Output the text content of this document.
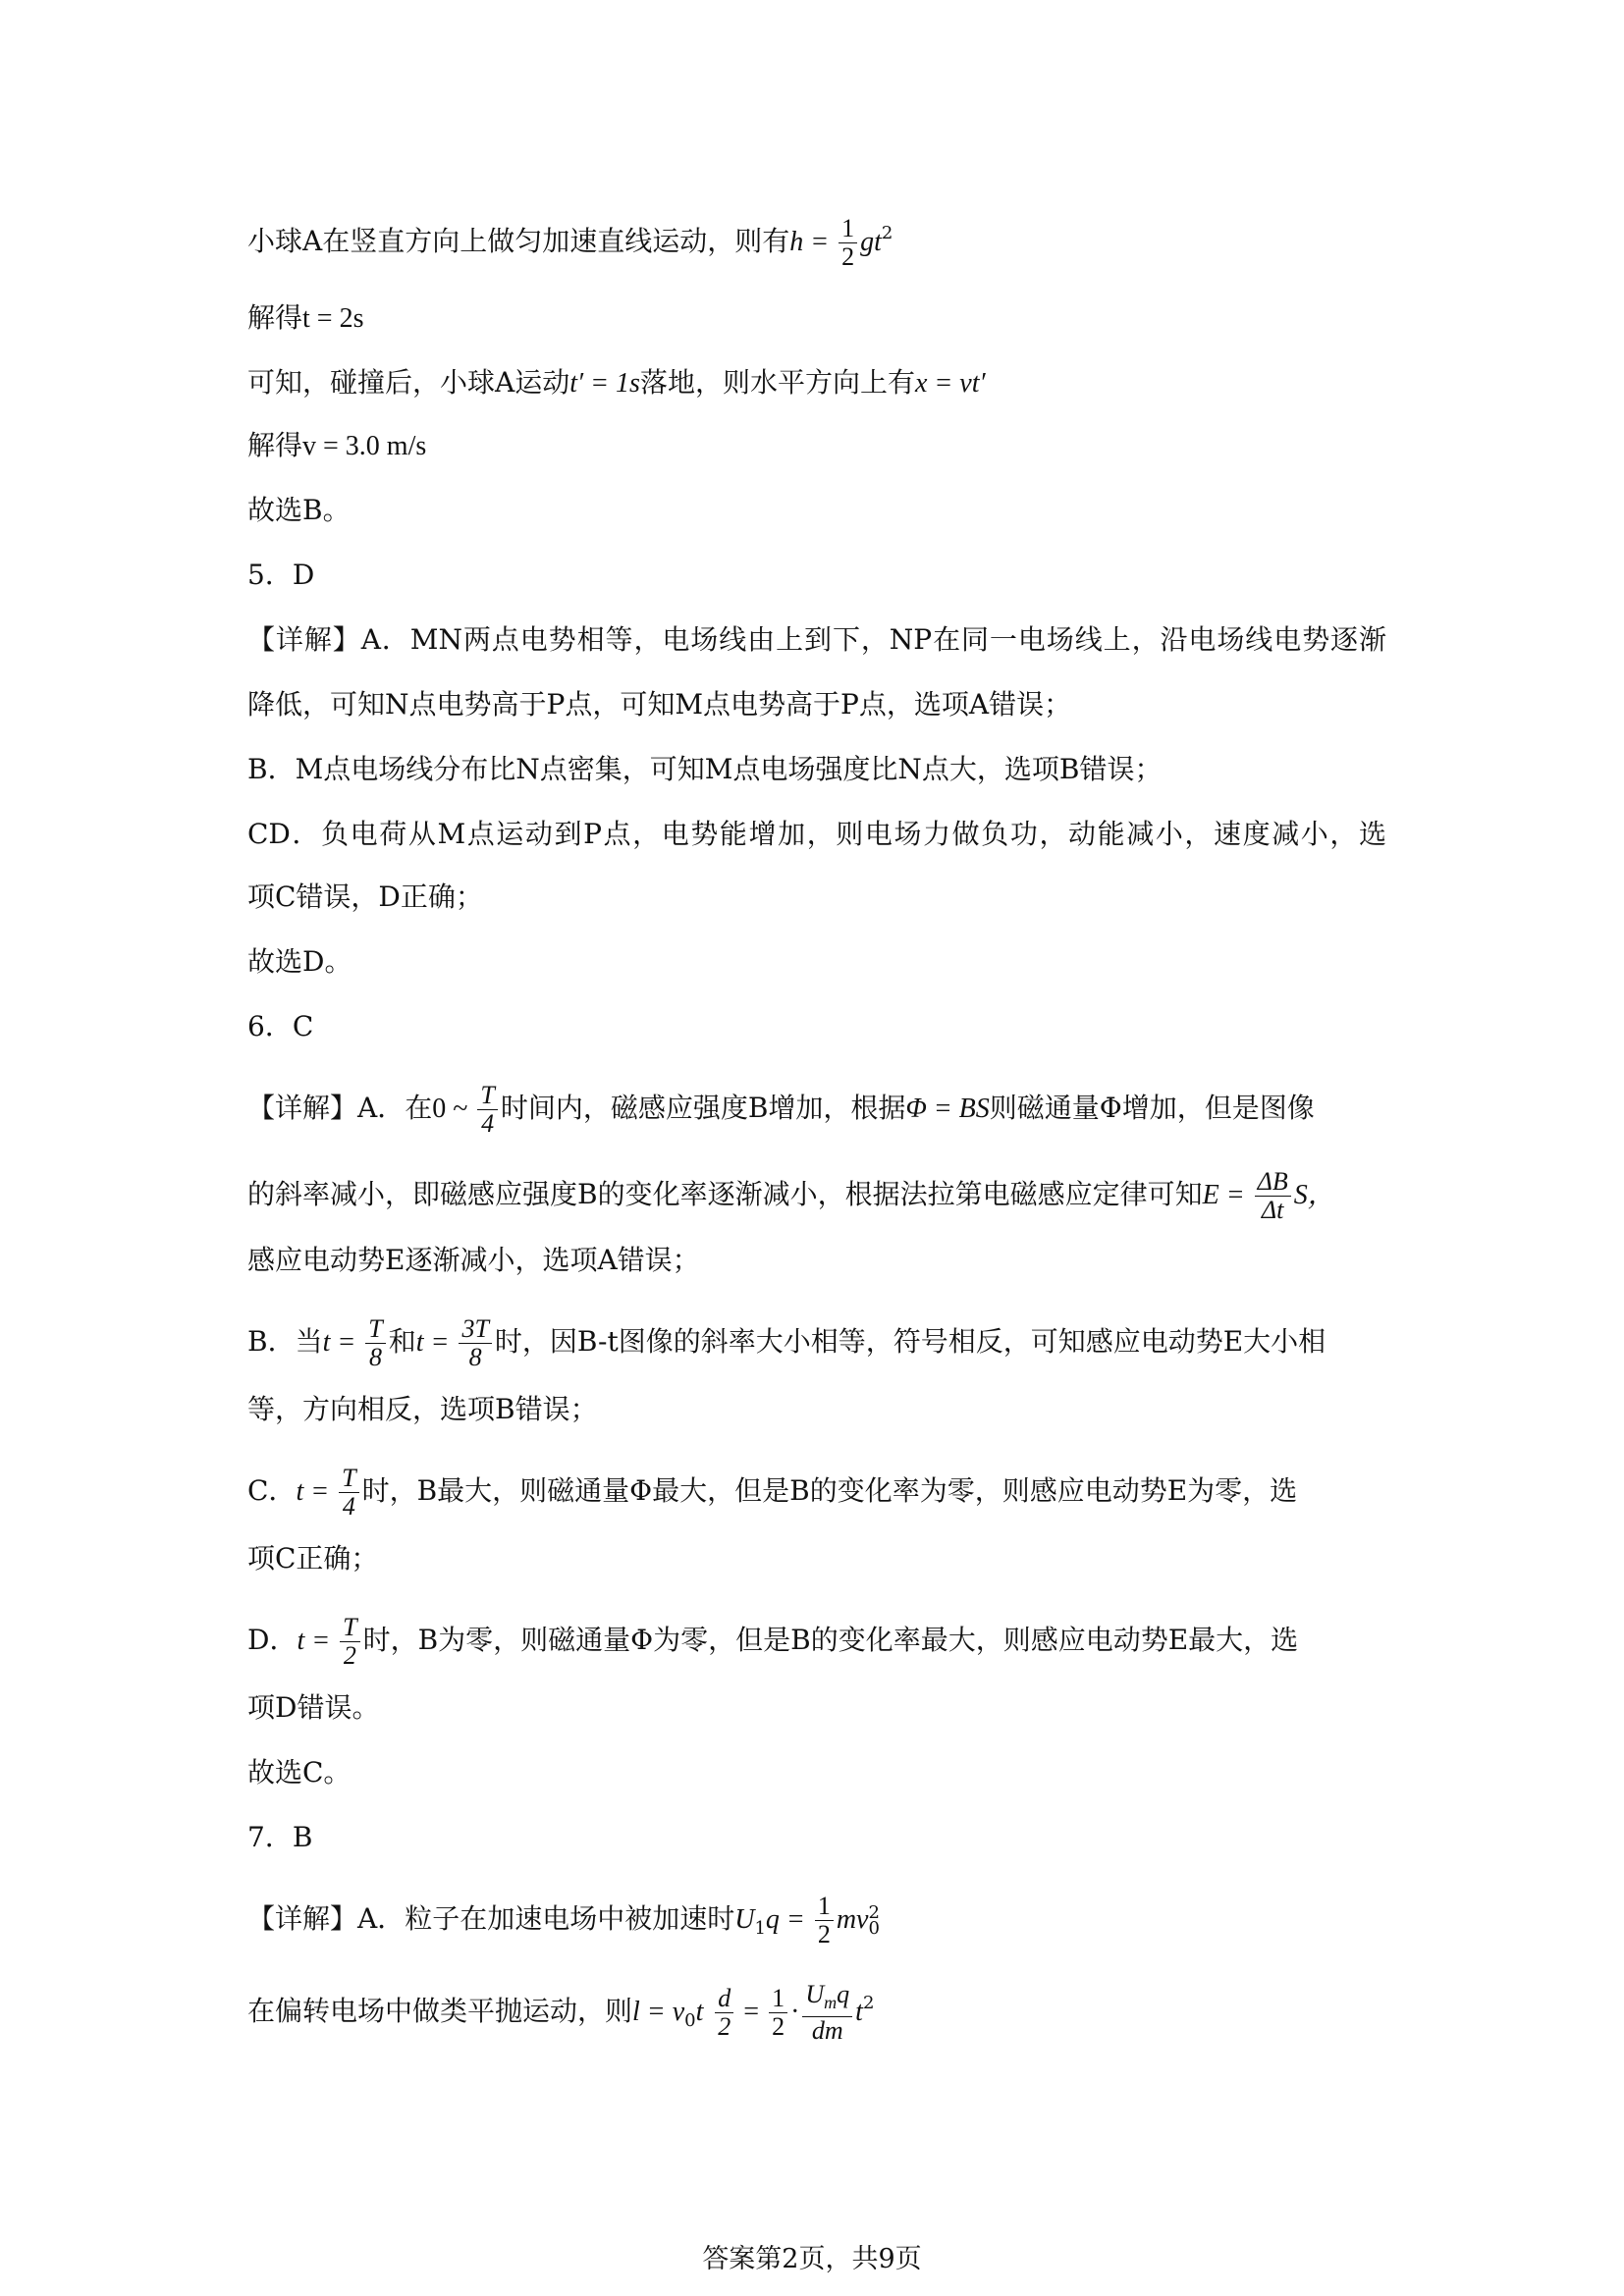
小球A在竖直方向上做匀加速直线运动，则有$h = \frac{1}{2} gt^2$
解得t = 2s
可知，碰撞后，小球A运动t′ = 1s落地，则水平方向上有x = vt′
解得v = 3.0 m/s
故选B。
5．D
【详解】A．MN两点电势相等，电场线由上到下，NP在同一电场线上，沿电场线电势逐渐
降低，可知N点电势高于P点，可知M点电势高于P点，选项A错误；
B．M点电场线分布比N点密集，可知M点电场强度比N点大，选项B错误；
CD．负电荷从M点运动到P点，电势能增加，则电场力做负功，动能减小，速度减小，选
项C错误，D正确；
故选D。
6．C
【详解】A．在0 ~ $\frac{T}{4}$ 时间内，磁感应强度B增加，根据Φ = BS则磁通量Φ增加，但是图像
的斜率减小，即磁感应强度B的变化率逐渐减小，根据法拉第电磁感应定律可知$E = \frac{\Delta B}{\Delta t}$ S，
感应电动势E逐渐减小，选项A错误；
B．当$t = \frac{T}{8}$ 和$t = \frac{3T}{8}$ 时，因B-t图像的斜率大小相等，符号相反，可知感应电动势E大小相
等，方向相反，选项B错误；
C．$t = \frac{T}{4}$ 时，B最大，则磁通量Φ最大，但是B的变化率为零，则感应电动势E为零，选
项C正确；
D．$t = \frac{T}{2}$ 时，B为零，则磁通量Φ为零，但是B的变化率最大，则感应电动势E最大，选
项D错误。
故选C。
7．B
【详解】A．粒子在加速电场中被加速时$U_1q = \frac{1}{2}$ mv 2
0
在偏转电场中做类平抛运动，则$l = v_0t \frac{d}{2} = \frac{1}{2} \cdot \frac{U_mq}{dm} t^2$
答案第2页，共9页
